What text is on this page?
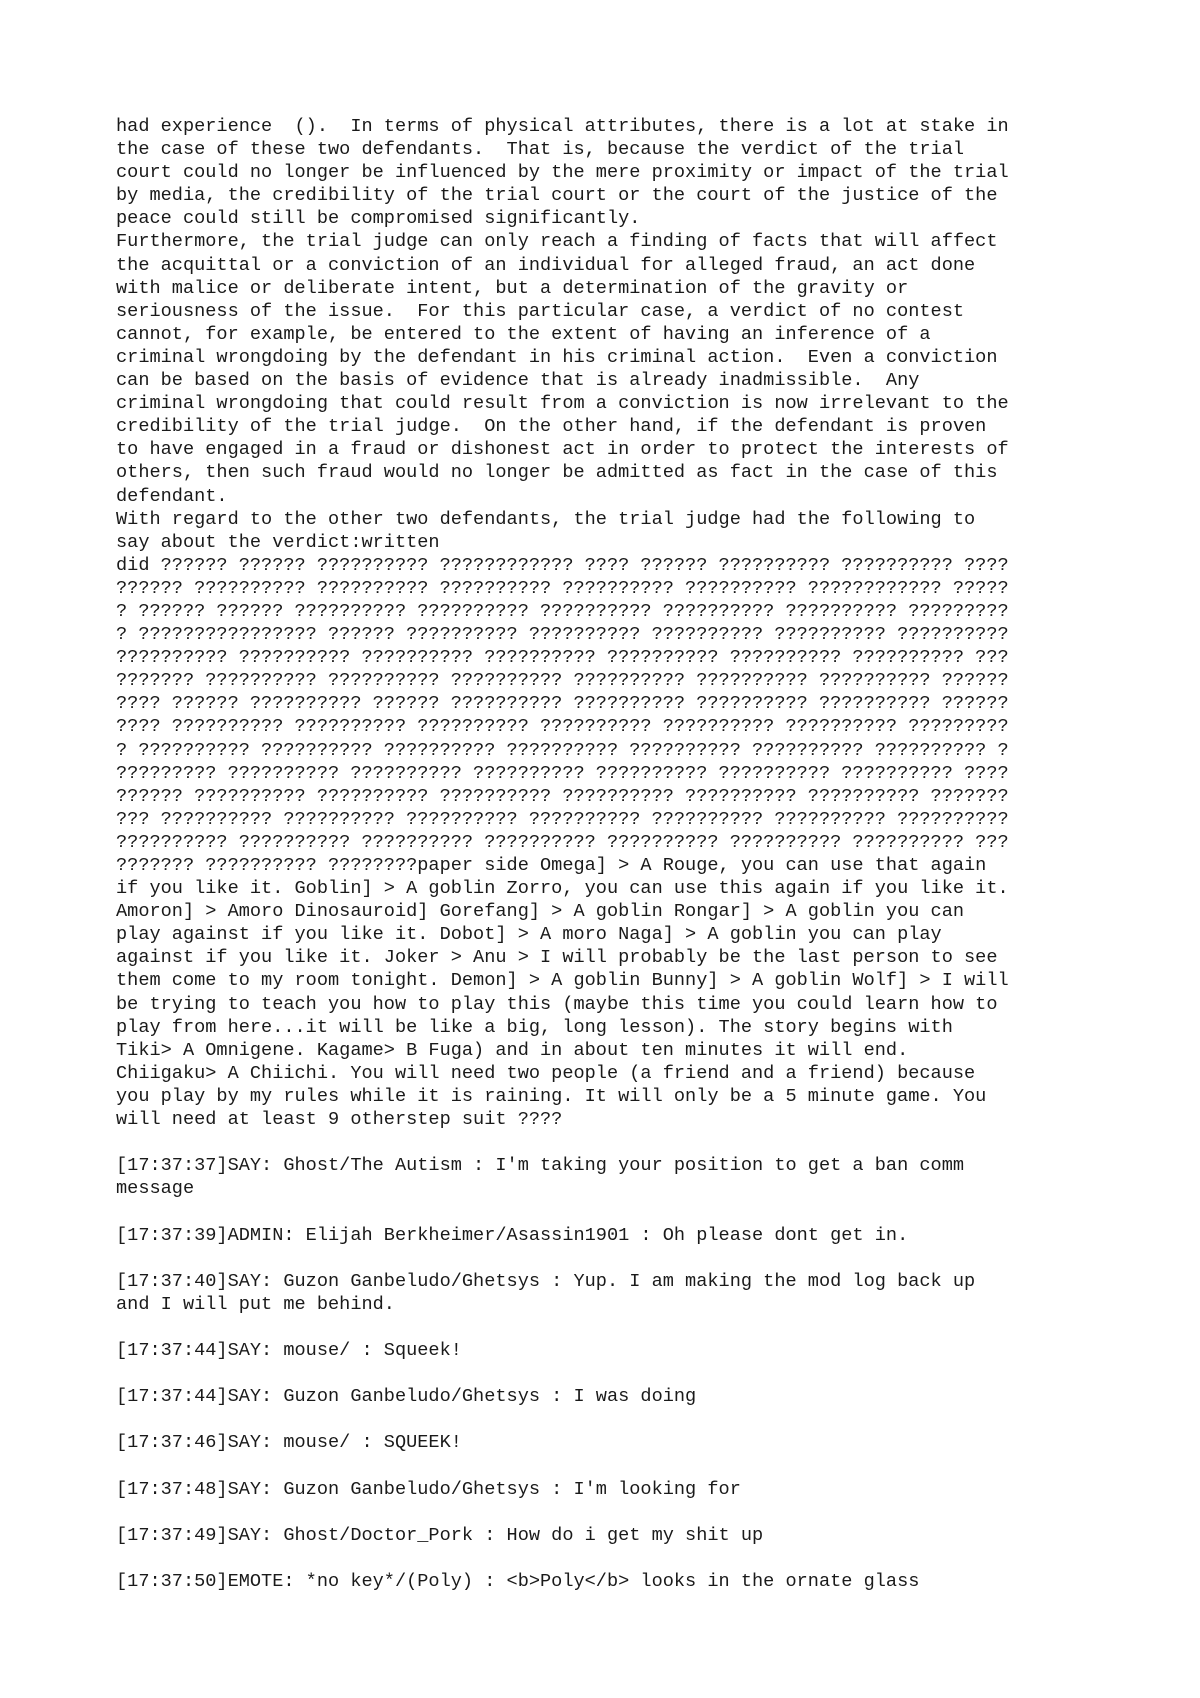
had experience  ().  In terms of physical attributes, there is a lot at stake in
the case of these two defendants.  That is, because the verdict of the trial
court could no longer be influenced by the mere proximity or impact of the trial
by media, the credibility of the trial court or the court of the justice of the
peace could still be compromised significantly.
Furthermore, the trial judge can only reach a finding of facts that will affect
the acquittal or a conviction of an individual for alleged fraud, an act done
with malice or deliberate intent, but a determination of the gravity or
seriousness of the issue.  For this particular case, a verdict of no contest
cannot, for example, be entered to the extent of having an inference of a
criminal wrongdoing by the defendant in his criminal action.  Even a conviction
can be based on the basis of evidence that is already inadmissible.  Any
criminal wrongdoing that could result from a conviction is now irrelevant to the
credibility of the trial judge.  On the other hand, if the defendant is proven
to have engaged in a fraud or dishonest act in order to protect the interests of
others, then such fraud would no longer be admitted as fact in the case of this
defendant.
With regard to the other two defendants, the trial judge had the following to
say about the verdict:written
did ?????? ?????? ?????????? ???????????? ???? ?????? ?????????? ?????????? ????
?????? ?????????? ?????????? ?????????? ?????????? ?????????? ???????????? ?????
? ?????? ?????? ?????????? ?????????? ?????????? ?????????? ?????????? ?????????
? ???????????????? ?????? ?????????? ?????????? ?????????? ?????????? ??????????
?????????? ?????????? ?????????? ?????????? ?????????? ?????????? ?????????? ???
??????? ?????????? ?????????? ?????????? ?????????? ?????????? ?????????? ??????
???? ?????? ?????????? ?????? ?????????? ?????????? ?????????? ?????????? ??????
???? ?????????? ?????????? ?????????? ?????????? ?????????? ?????????? ?????????
? ?????????? ?????????? ?????????? ?????????? ?????????? ?????????? ?????????? ?
????????? ?????????? ?????????? ?????????? ?????????? ?????????? ?????????? ????
?????? ?????????? ?????????? ?????????? ?????????? ?????????? ?????????? ???????
??? ?????????? ?????????? ?????????? ?????????? ?????????? ?????????? ??????????
?????????? ?????????? ?????????? ?????????? ?????????? ?????????? ?????????? ???
??????? ?????????? ????????paper side Omega] > A Rouge, you can use that again
if you like it. Goblin] > A goblin Zorro, you can use this again if you like it.
Amoron] > Amoro Dinosauroid] Gorefang] > A goblin Rongar] > A goblin you can
play against if you like it. Dobot] > A moro Naga] > A goblin you can play
against if you like it. Joker > Anu > I will probably be the last person to see
them come to my room tonight. Demon] > A goblin Bunny] > A goblin Wolf] > I will
be trying to teach you how to play this (maybe this time you could learn how to
play from here...it will be like a big, long lesson). The story begins with
Tiki> A Omnigene. Kagame> B Fuga) and in about ten minutes it will end.
Chiigaku> A Chiichi. You will need two people (a friend and a friend) because
you play by my rules while it is raining. It will only be a 5 minute game. You
will need at least 9 otherstep suit ????
[17:37:37]SAY: Ghost/The Autism : I'm taking your position to get a ban comm
message
[17:37:39]ADMIN: Elijah Berkheimer/Asassin1901 : Oh please dont get in.
[17:37:40]SAY: Guzon Ganbeludo/Ghetsys : Yup. I am making the mod log back up
and I will put me behind.
[17:37:44]SAY: mouse/ : Squeek!
[17:37:44]SAY: Guzon Ganbeludo/Ghetsys : I was doing
[17:37:46]SAY: mouse/ : SQUEEK!
[17:37:48]SAY: Guzon Ganbeludo/Ghetsys : I'm looking for
[17:37:49]SAY: Ghost/Doctor_Pork : How do i get my shit up
[17:37:50]EMOTE: *no key*/(Poly) : <b>Poly</b> looks in the ornate glass
